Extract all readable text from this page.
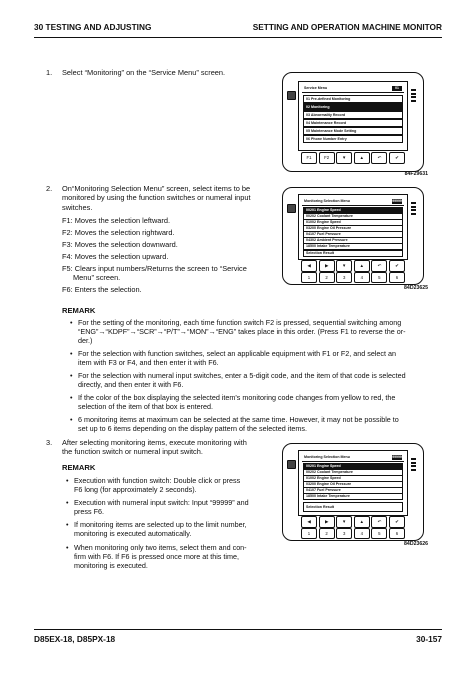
30 TESTING AND ADJUSTING	SETTING AND OPERATION MACHINE MONITOR
1. Select “Monitoring” on the “Service Menu” screen.
2. On“Monitoring Selection Menu” screen, select items to be
monitored by using the function switches or numeral input
switches.
F1: Moves the selection leftward.
F2: Moves the selection rightward.
F3: Moves the selection downward.
F4: Moves the selection upward.
F5: Clears input numbers/Returns the screen to “Service
Menu” screen.
F6: Enters the selection.
REMARK
• For the setting of the monitoring, each time function switch F2 is pressed, sequential switching among
“ENG”→“KDPF”→“SCR”→“P/T”→“MON”→“ENG” takes place in this order. (Press F1 to reverse the or-
der.)
• For the selection with function switches, select an applicable equipment with F1 or F2, and select an
item with F3 or F4, and then enter it with F6.
• For the selection with numeral input switches, enter a 5-digit code, and the item of that code is selected
directly, and then enter it with F6.
• If the color of the box displaying the selected item's monitoring code changes from yellow to red, the
selection of the item of that box is entered.
• 6 monitoring items at maximum can be selected at the same time. However, it may not be possible to
set up to 6 items depending on the display pattern of the selected items.
3. After selecting monitoring items, execute monitoring with
the function switch or numeral input switch.
REMARK
• Execution with function switch: Double click or press
F6 long (for approximately 2 seconds).
• Execution with numeral input switch: Input “99999” and
press F6.
• If monitoring items are selected up to the limit number,
monitoring is executed automatically.
• When monitoring only two items, select them and con-
firm with F6. If F6 is pressed once more at this time,
monitoring is executed.
Service Menu	01
01 Pre-defined Monitoring
02 Monitoring
03 Abnormality Record
04 Maintenance Record
05 Maintenance Mode Setting
06 Phone Number Entry
F1	F2	▼	▲	↶	✔
84F29631
Monitoring Selection Menu	99999
00201 Engine Speed
00202 Coolant Temperature
01002 Engine Speed
03200 Engine Oil Pressure
04107 Fuel Pressure
04302 Ambient Pressure
18500 Intake Temperature
Selection Result
◀	▶	▼	▲	↶	✔
1	2	3	4	5	6
84D23625
Monitoring Selection Menu	99999
00201 Engine Speed
00202 Coolant Temperature
01002 Engine Speed
03200 Engine Oil Pressure
04107 Fuel Pressure
18500 Intake Temperature
Selection Result
◀	▶	▼	▲	↶	✔
1	2	3	4	5	6
84D23626
D85EX-18, D85PX-18	30-157
